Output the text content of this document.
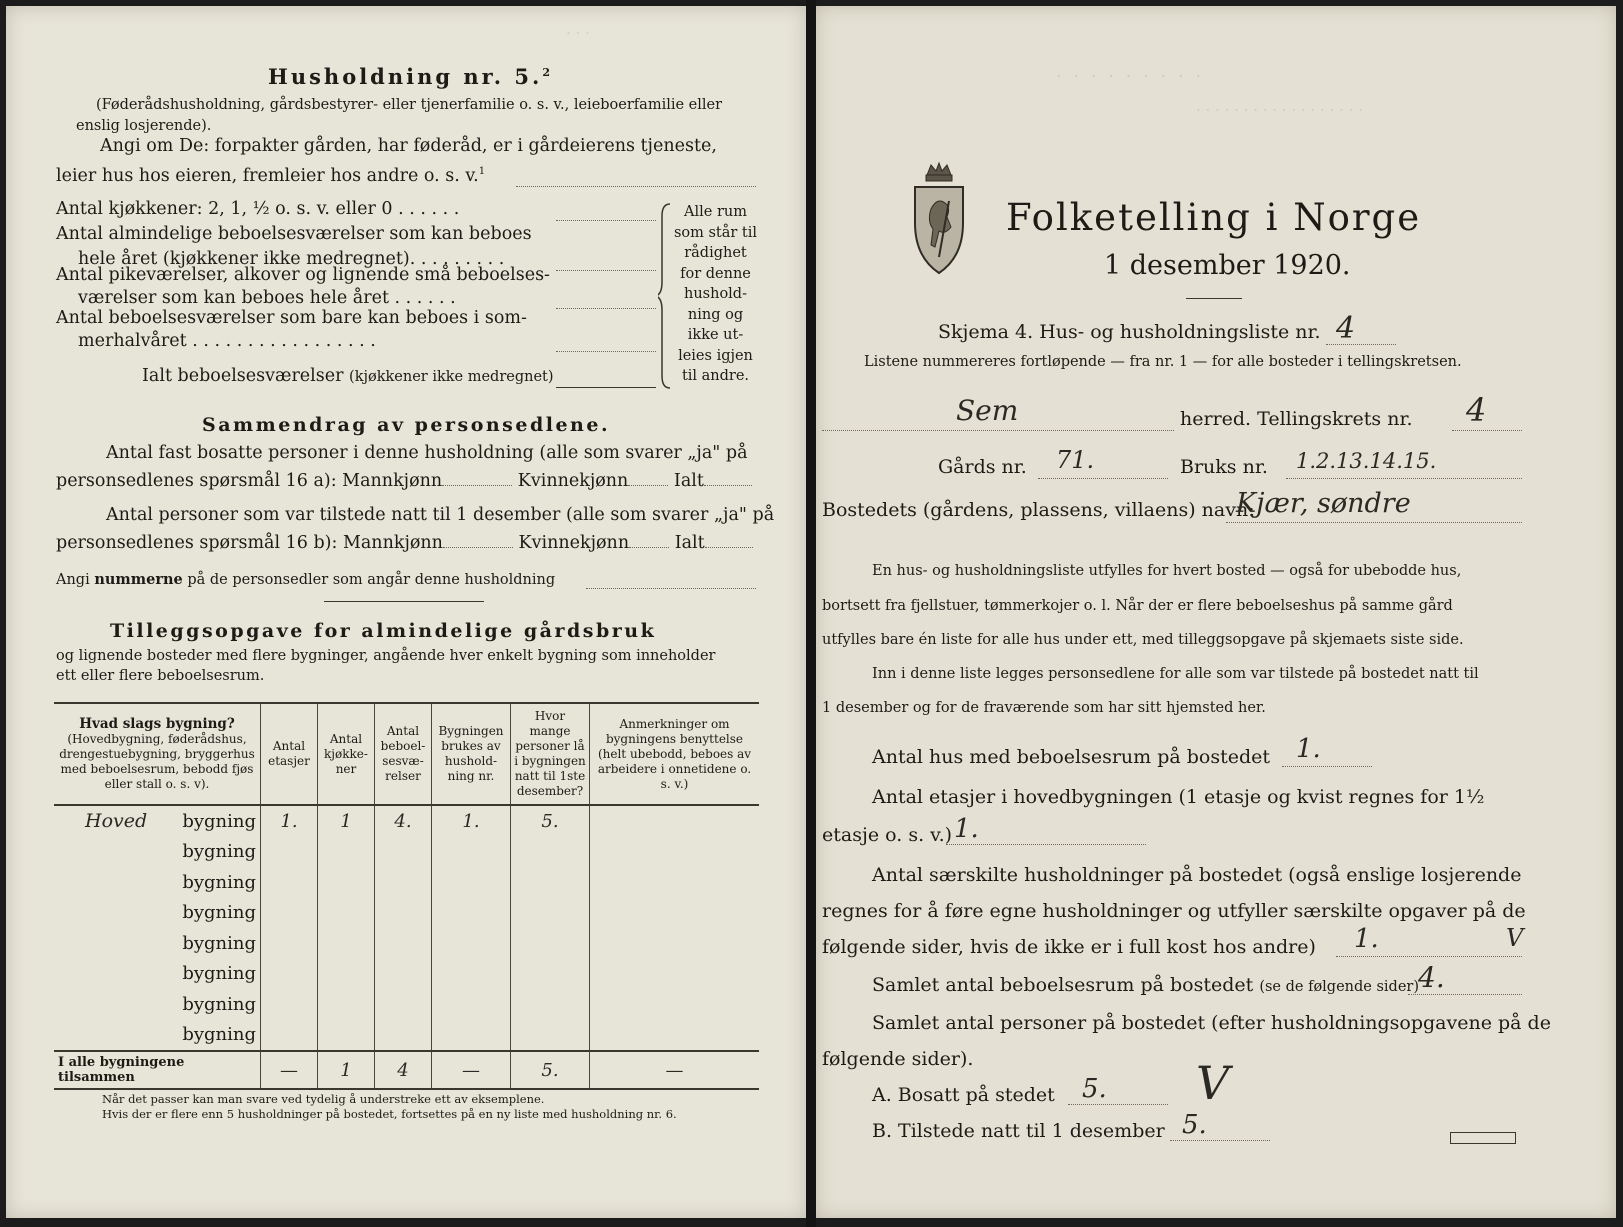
· · ·
Husholdning nr. 5.$^2$
(Føderådshusholdning, gårdsbestyrer- eller tjenerfamilie o. s. v., leieboerfamilie eller enslig losjerende).
Angi om De: forpakter gården, har føderåd, er i gårdeierens tjeneste,
leier hus hos eieren, fremleier hos andre o. s. v.$^1$
Antal kjøkkener: 2, 1, ½ o. s. v. eller 0 . . . . . .
Antal almindelige beboelsesværelser som kan beboes
hele året (kjøkkener ikke medregnet). . . . . . . . .
Antal pikeværelser, alkover og lignende små beboelses-
værelser som kan beboes hele året . . . . . .
Antal beboelsesværelser som bare kan beboes i som-
merhalvåret . . . . . . . . . . . . . . . . .
Ialt beboelsesværelser (kjøkkener ikke medregnet)
Alle rum
som står til
rådighet
for denne
hushold-
ning og
ikke ut-
leies igjen
til andre.
Sammendrag av personsedlene.
Antal fast bosatte personer i denne husholdning (alle som svarer „ja" på
personsedlenes spørsmål 16 a): Mannkjønn	Kvinnekjønn	Ialt
Antal personer som var tilstede natt til 1 desember (alle som svarer „ja" på
personsedlenes spørsmål 16 b): Mannkjønn	Kvinnekjønn	Ialt
Angi nummerne på de personsedler som angår denne husholdning
Tilleggsopgave for almindelige gårdsbruk
og lignende bosteder med flere bygninger, angående hver enkelt bygning som inneholder
ett eller flere beboelsesrum.
Hvad slags bygning?
(Hovedbygning, føderådshus, drengestuebygning, bryggerhus med beboelsesrum, bebodd fjøs eller stall o. s. v).	Antal etasjer	Antal kjøkke-ner	Antal beboel-sesvæ-relser	Bygningen brukes av hushold-ning nr.	Hvor mange personer lå i bygningen natt til 1ste desember?	Anmerkninger om bygningens benyttelse (helt ubebodd, beboes av arbeidere i onnetidene o. s. v.)

Hoved bygning	1.	1	4.	1.	5.	
bygning						
bygning						
bygning						
bygning						
bygning						
bygning						
bygning						
I alle bygningene tilsammen	—	1	4	—	5.	—
Når det passer kan man svare ved tydelig å understreke ett av eksemplene.
Hvis der er flere enn 5 husholdninger på bostedet, fortsettes på en ny liste med husholdning nr. 6.
· · · · · · · · ·
· · · · · · · · · · · · · · · · · ·
Folketelling i Norge
1 desember 1920.
Skjema 4. Hus- og husholdningsliste nr. 4
Listene nummereres fortløpende — fra nr. 1 — for alle bosteder i tellingskretsen.
Sem	herred. Tellingskrets nr. 4
Gårds nr. 71.	Bruks nr. 1.2.13.14.15.
Bostedets (gårdens, plassens, villaens) navn:
Kjær, søndre
En hus- og husholdningsliste utfylles for hvert bosted — også for ubebodde hus,
bortsett fra fjellstuer, tømmerkojer o. l. Når der er flere beboelseshus på samme gård
utfylles bare én liste for alle hus under ett, med tilleggsopgave på skjemaets siste side.
Inn i denne liste legges personsedlene for alle som var tilstede på bostedet natt til
1 desember og for de fraværende som har sitt hjemsted her.
Antal hus med beboelsesrum på bostedet 1.
Antal etasjer i hovedbygningen (1 etasje og kvist regnes for 1½
etasje o. s. v.) 1.
Antal særskilte husholdninger på bostedet (også enslige losjerende
regnes for å føre egne husholdninger og utfyller særskilte opgaver på de
følgende sider, hvis de ikke er i full kost hos andre) 1.	V
Samlet antal beboelsesrum på bostedet (se de følgende sider)
4.
Samlet antal personer på bostedet (efter husholdningsopgavene på de
følgende sider).
A. Bosatt på stedet 5. V
B. Tilstede natt til 1 desember 5.
